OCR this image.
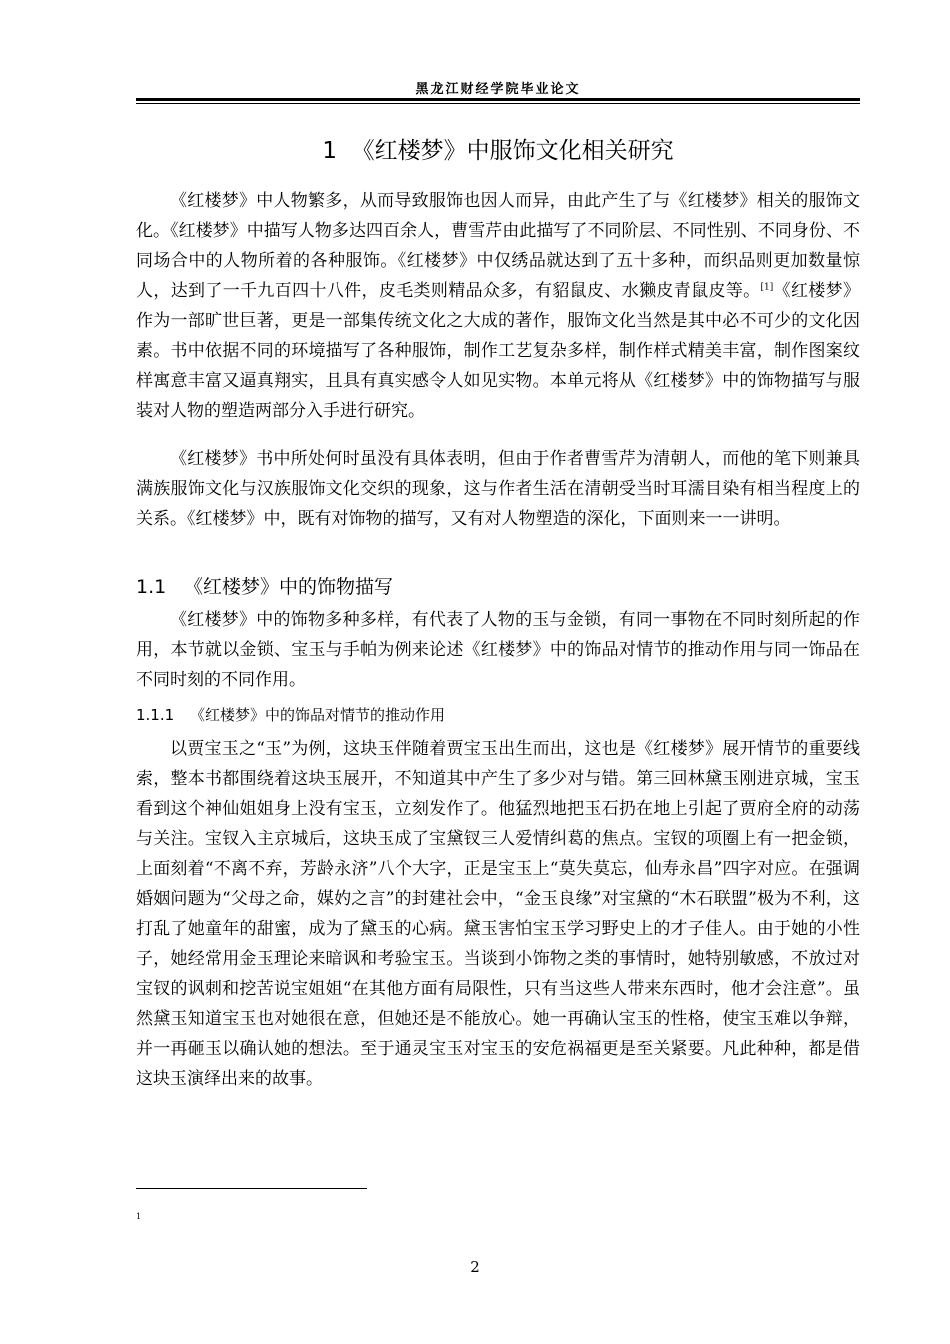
黑龙江财经学院毕业论文
1 《红楼梦》中服饰文化相关研究

《红楼梦》中人物繁多，从而导致服饰也因人而异，由此产生了与《红楼梦》相关的服饰文化。《红楼梦》中描写人物多达四百余人，曹雪芹由此描写了不同阶层、不同性别、不同身份、不同场合中的人物所着的各种服饰。《红楼梦》中仅绣品就达到了五十多种，而织品则更加数量惊人，达到了一千九百四十八件，皮毛类则精品众多，有貂鼠皮、水獭皮青鼠皮等。[1]《红楼梦》作为一部旷世巨著，更是一部集传统文化之大成的著作，服饰文化当然是其中必不可少的文化因素。书中依据不同的环境描写了各种服饰，制作工艺复杂多样，制作样式精美丰富，制作图案纹样寓意丰富又逼真翔实，且具有真实感令人如见实物。本单元将从《红楼梦》中的饰物描写与服装对人物的塑造两部分入手进行研究。

《红楼梦》书中所处何时虽没有具体表明，但由于作者曹雪芹为清朝人，而他的笔下则兼具满族服饰文化与汉族服饰文化交织的现象，这与作者生活在清朝受当时耳濡目染有相当程度上的关系。《红楼梦》中，既有对饰物的描写，又有对人物塑造的深化，下面则来一一讲明。

1.1 《红楼梦》中的饰物描写

《红楼梦》中的饰物多种多样，有代表了人物的玉与金锁，有同一事物在不同时刻所起的作用，本节就以金锁、宝玉与手帕为例来论述《红楼梦》中的饰品对情节的推动作用与同一饰品在不同时刻的不同作用。

1.1.1 《红楼梦》中的饰品对情节的推动作用

以贾宝玉之“玉”为例，这块玉伴随着贾宝玉出生而出，这也是《红楼梦》展开情节的重要线索，整本书都围绕着这块玉展开，不知道其中产生了多少对与错。第三回林黛玉刚进京城，宝玉看到这个神仙姐姐身上没有宝玉，立刻发作了。他猛烈地把玉石扔在地上引起了贾府全府的动荡与关注。宝钗入主京城后，这块玉成了宝黛钗三人爱情纠葛的焦点。宝钗的项圈上有一把金锁，上面刻着“不离不弃，芳龄永济”八个大字，正是宝玉上“莫失莫忘，仙寿永昌”四字对应。在强调婚姻问题为“父母之命，媒妁之言”的封建社会中，“金玉良缘”对宝黛的“木石联盟”极为不利，这打乱了她童年的甜蜜，成为了黛玉的心病。黛玉害怕宝玉学习野史上的才子佳人。由于她的小性子，她经常用金玉理论来暗讽和考验宝玉。当谈到小饰物之类的事情时，她特别敏感，不放过对宝钗的讽刺和挖苦说宝姐姐“在其他方面有局限性，只有当这些人带来东西时，他才会注意”。虽然黛玉知道宝玉也对她很在意，但她还是不能放心。她一再确认宝玉的性格，使宝玉难以争辩，并一再砸玉以确认她的想法。至于通灵宝玉对宝玉的安危祸福更是至关紧要。凡此种种，都是借这块玉演绎出来的故事。

1
2
